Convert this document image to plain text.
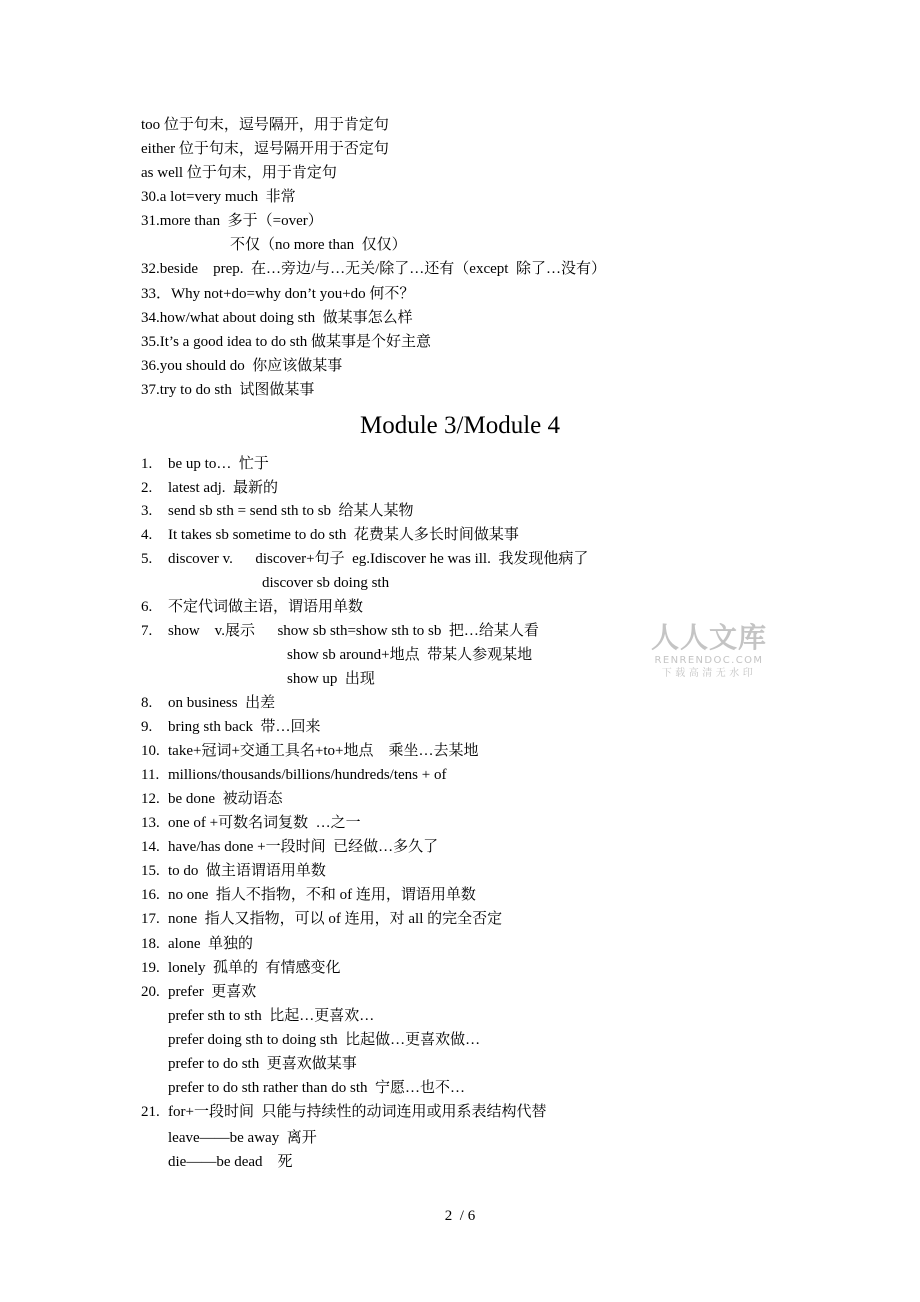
too 位于句末，逗号隔开，用于肯定句
either 位于句末，逗号隔开用于否定句
as well 位于句末，用于肯定句
30.a lot=very much  非常
31.more than  多于（=over）
不仅（no more than  仅仅）
32.beside    prep.  在…旁边/与…无关/除了…还有（except  除了…没有）
33．Why not+do=why don’t you+do 何不？
34.how/what about doing sth  做某事怎么样
35.It’s a good idea to do sth 做某事是个好主意
36.you should do  你应该做某事
37.try to do sth  试图做某事
Module 3/Module 4
1. be up to…  忙于
2. latest adj.  最新的
3. send sb sth = send sth to sb  给某人某物
4. It takes sb sometime to do sth  花费某人多长时间做某事
5. discover v.      discover+句子  eg.Idiscover he was ill.  我发现他病了
discover sb doing sth
6. 不定代词做主语，谓语用单数
7. show    v.展示      show sb sth=show sth to sb  把…给某人看
show sb around+地点  带某人参观某地
show up  出现
8. on business  出差
9. bring sth back  带…回来
10. take+冠词+交通工具名+to+地点    乘坐…去某地
11. millions/thousands/billions/hundreds/tens + of
12. be done  被动语态
13. one of +可数名词复数  …之一
14. have/has done +一段时间  已经做…多久了
15. to do  做主语谓语用单数
16. no one  指人不指物，不和 of 连用，谓语用单数
17. none  指人又指物，可以 of 连用，对 all 的完全否定
18. alone  单独的
19. lonely  孤单的  有情感变化
20. prefer  更喜欢
prefer sth to sth  比起…更喜欢…
prefer doing sth to doing sth  比起做…更喜欢做…
prefer to do sth  更喜欢做某事
prefer to do sth rather than do sth  宁愿…也不…
21. for+一段时间  只能与持续性的动词连用或用系表结构代替
leave——be away  离开
die——be dead    死
人人文库
RENRENDOC.COM
下载高清无水印
2  / 6
